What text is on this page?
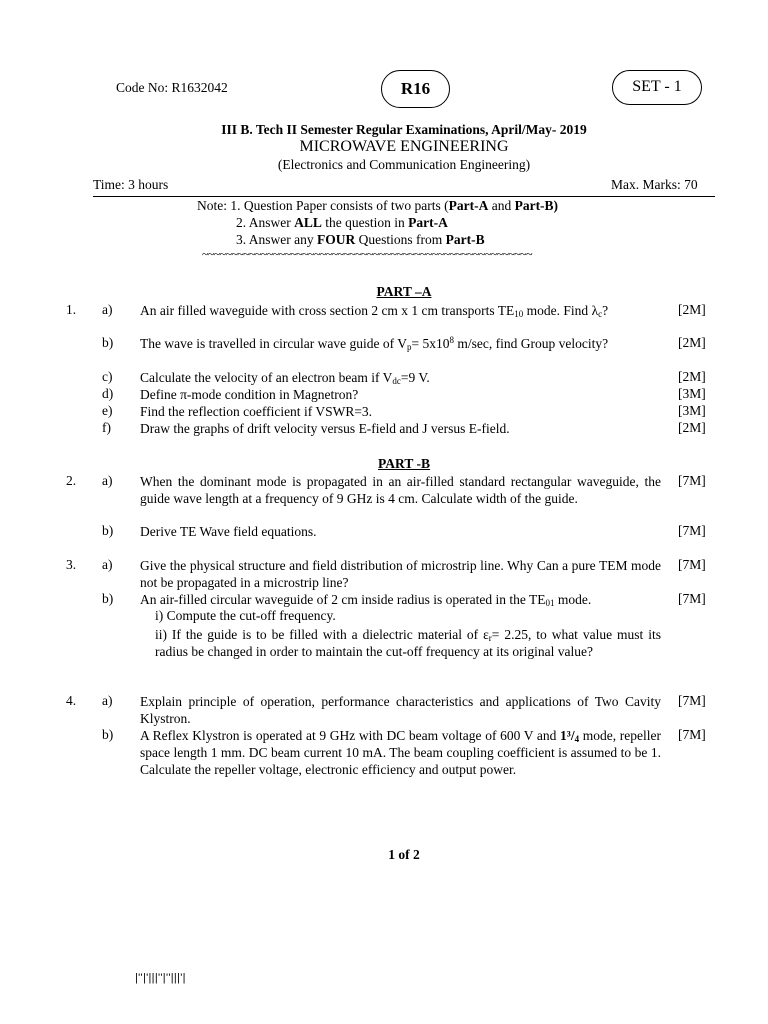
Code No: R1632042	R16	SET - 1
III B. Tech II Semester Regular Examinations, April/May- 2019
MICROWAVE ENGINEERING
(Electronics and Communication Engineering)
Time: 3 hours	Max. Marks: 70
Note: 1. Question Paper consists of two parts (Part-A and Part-B)
2. Answer ALL the question in Part-A
3. Answer any FOUR Questions from Part-B
~~~~~~~~~~~~~~~~~~~~~~~~~~~~~~~~~~~~~~~~~~~~~~~~~~~~~~~~
PART –A
1. a) An air filled waveguide with cross section 2 cm x 1 cm transports $TE_{10}$ mode. Find $\lambda_c$?	[2M]
b) The wave is travelled in circular wave guide of $V_p= 5x10^8$ m/sec, find Group velocity?	[2M]
c) Calculate the velocity of an electron beam if $V_{dc}=9$ V.	[2M]
d) Define π-mode condition in Magnetron?	[3M]
e) Find the reflection coefficient if VSWR=3.	[3M]
f) Draw the graphs of drift velocity versus E-field and J versus E-field.	[2M]
PART -B
2. a) When the dominant mode is propagated in an air-filled standard rectangular waveguide, the guide wave length at a frequency of 9 GHz is 4 cm. Calculate width of the guide.
[7M]
b) Derive TE Wave field equations.	[7M]
3. a) Give the physical structure and field distribution of microstrip line. Why Can a pure TEM mode not be propagated in a microstrip line?
[7M]
b) An air-filled circular waveguide of 2 cm inside radius is operated in the $TE_{01}$ mode.	[7M]
i) Compute the cut-off frequency.
ii) If the guide is to be filled with a dielectric material of $\varepsilon_r= 2.25$, to what value must its radius be changed in order to maintain the cut-off frequency at its original value?
4. a) Explain principle of operation, performance characteristics and applications of Two Cavity Klystron.
[7M]
b) A Reflex Klystron is operated at 9 GHz with DC beam voltage of 600 V and $1^3/_4$ mode, repeller space length 1 mm. DC beam current 10 mA. The beam coupling coefficient is assumed to be 1. Calculate the repeller voltage, electronic efficiency and output power.
[7M]
1 of 2
|''|'|||''|''|||'|
